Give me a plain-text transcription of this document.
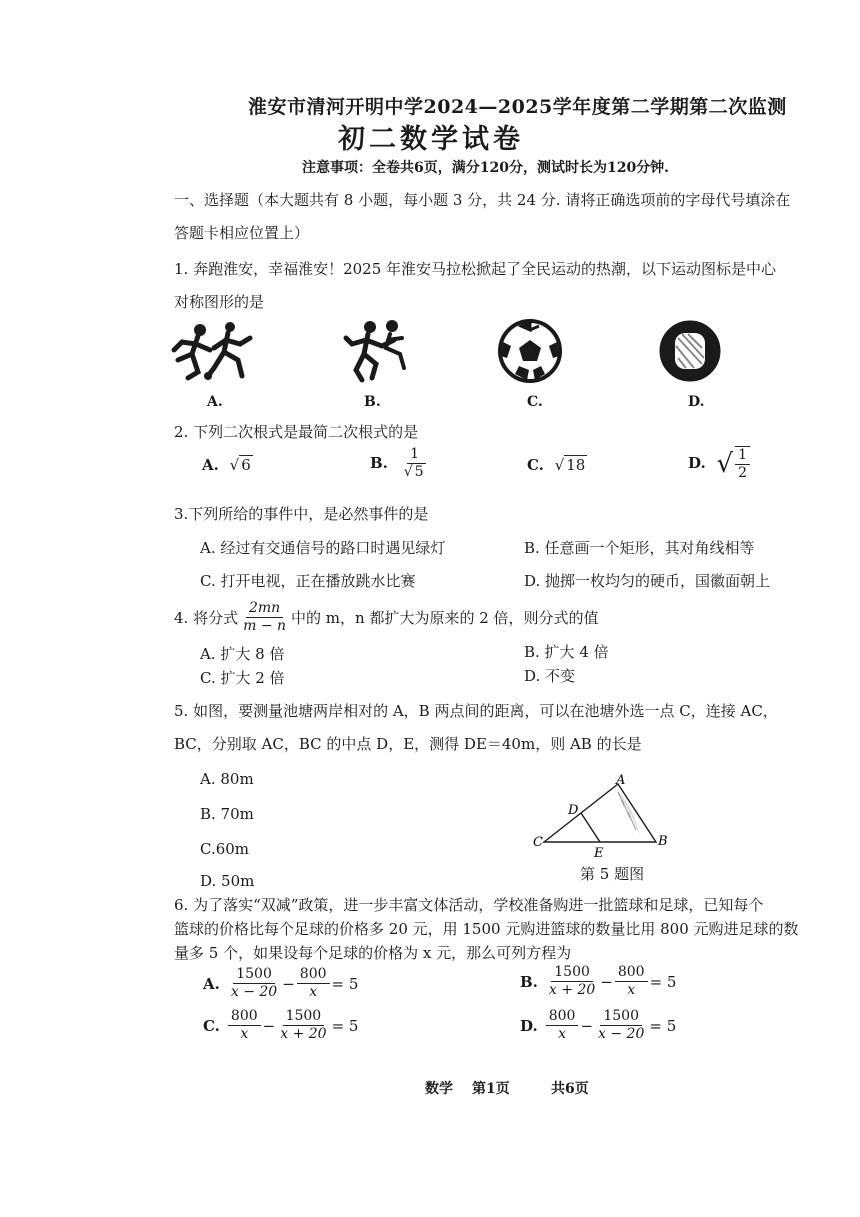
淮安市清河开明中学2024—2025学年度第二学期第二次监测
初二数学试卷
注意事项：全卷共6页，满分120分，测试时长为120分钟.
一、选择题（本大题共有 8 小题，每小题 3 分，共 24 分. 请将正确选项前的字母代号填涂在
答题卡相应位置上）
1. 奔跑淮安，幸福淮安！2025 年淮安马拉松掀起了全民运动的热潮，以下运动图标是中心
对称图形的是
A.	B.	C.	D.
2. 下列二次根式是最简二次根式的是
A. √ 6	B. $\frac{1}{√ 5}$	C. √ 18	D. √ $\frac{1}{2}$
3.下列所给的事件中，是必然事件的是
A. 经过有交通信号的路口时遇见绿灯	B. 任意画一个矩形，其对角线相等
C. 打开电视，正在播放跳水比赛	D. 抛掷一枚均匀的硬币，国徽面朝上
4. 将分式 $\frac{2mn}{m - n}$ 中的 m，n 都扩大为原来的 2 倍，则分式的值
A. 扩大 8 倍	B. 扩大 4 倍
C. 扩大 2 倍	D. 不变
5. 如图，要测量池塘两岸相对的 A，B 两点间的距离，可以在池塘外选一点 C，连接 AC，
BC，分别取 AC，BC 的中点 D，E，测得 DE＝40m，则 AB 的长是
A. 80m
B. 70m
C.60m
D. 50m
A
B
C
D
E
第 5 题图
6. 为了落实“双减”政策，进一步丰富文体活动，学校准备购进一批篮球和足球，已知每个
篮球的价格比每个足球的价格多 20 元，用 1500 元购进篮球的数量比用 800 元购进足球的数
量多 5 个，如果设每个足球的价格为 x 元，那么可列方程为
A. $\frac{1500}{x - 20} - \frac{800}{x} = 5$	B. $\frac{1500}{x + 20} - \frac{800}{x} = 5$
C. $\frac{800}{x} - \frac{1500}{x + 20} = 5$	D. $\frac{800}{x} - \frac{1500}{x - 20} = 5$
数学 第1页	共6页
